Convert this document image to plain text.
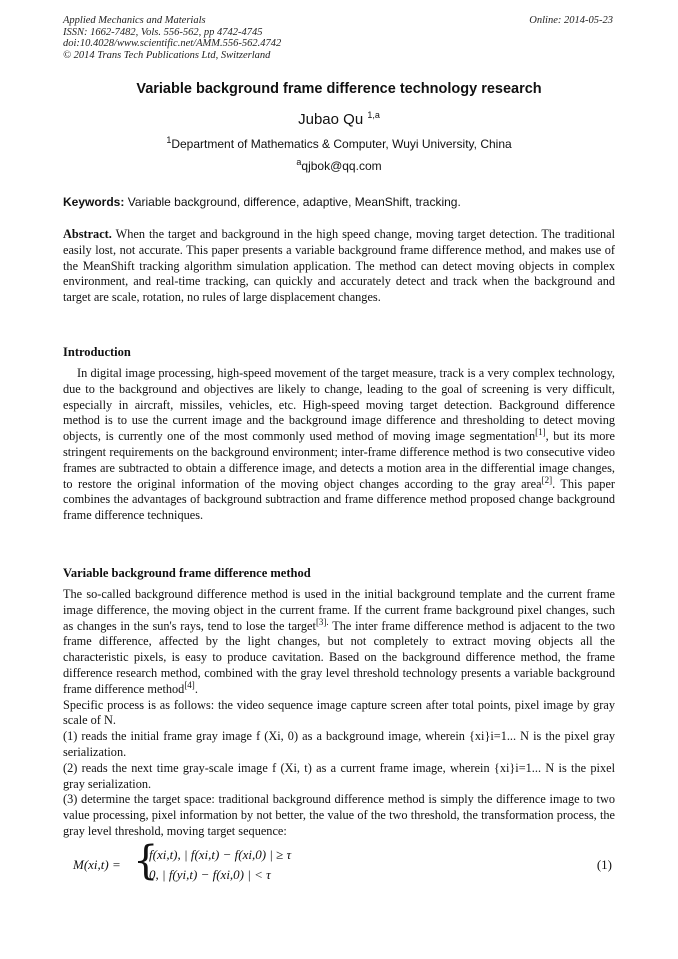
Applied Mechanics and Materials
ISSN: 1662-7482, Vols. 556-562, pp 4742-4745
doi:10.4028/www.scientific.net/AMM.556-562.4742
© 2014 Trans Tech Publications Ltd, Switzerland
Online: 2014-05-23
Variable background frame difference technology research
Jubao Qu $^{1,a}$
$^1$Department of Mathematics & Computer, Wuyi University, China
$^a$qjbok@qq.com
Keywords: Variable background, difference, adaptive, MeanShift, tracking.

Abstract. When the target and background in the high speed change, moving target detection. The traditional easily lost, not accurate. This paper presents a variable background frame difference method, and makes use of the MeanShift tracking algorithm simulation application. The method can detect moving objects in complex environment, and real-time tracking, can quickly and accurately detect and track when the background and target are scale, rotation, no rules of large displacement changes.

Introduction

In digital image processing, high-speed movement of the target measure, track is a very complex technology, due to the background and objectives are likely to change, leading to the goal of screening is very difficult, especially in aircraft, missiles, vehicles, etc. High-speed moving target detection. Background difference method is to use the current image and the background image difference and thresholding to detect moving objects, is currently one of the most commonly used method of moving image segmentation[1], but its more stringent requirements on the background environment; inter-frame difference method is two consecutive video frames are subtracted to obtain a difference image, and detects a motion area in the differential image changes, to restore the original information of the moving object changes according to the gray area[2]. This paper combines the advantages of background subtraction and frame difference method proposed change background frame difference techniques.

Variable background frame difference method

The so-called background difference method is used in the initial background template and the current frame image difference, the moving object in the current frame. If the current frame background pixel changes, such as changes in the sun's rays, tend to lose the target$^{[3].}$ The inter frame difference method is adjacent to the two frame difference, affected by the light changes, but not completely to extract moving objects all the characteristic pixels, is easy to produce cavitation. Based on the background difference method, the frame difference research method, combined with the gray level threshold technology presents a variable background frame difference method[4].

Specific process is as follows: the video sequence image capture screen after total points, pixel image by gray scale of N.

(1) reads the initial frame gray image f (Xi, 0) as a background image, wherein {xi}i=1... N is the pixel gray serialization.

(2) reads the next time gray-scale image f (Xi, t) as a current frame image, wherein {xi}i=1... N is the pixel gray serialization.

(3) determine the target space: traditional background difference method is simply the difference image to two value processing, pixel information by not better, the value of the two threshold, the transformation process, the gray level threshold, moving target sequence:

M(xi,t) = {
f(xi,t), | f(xi,t) − f(xi,0) | ≥ τ
0, | f(yi,t) − f(xi,0) | < τ
(1)
